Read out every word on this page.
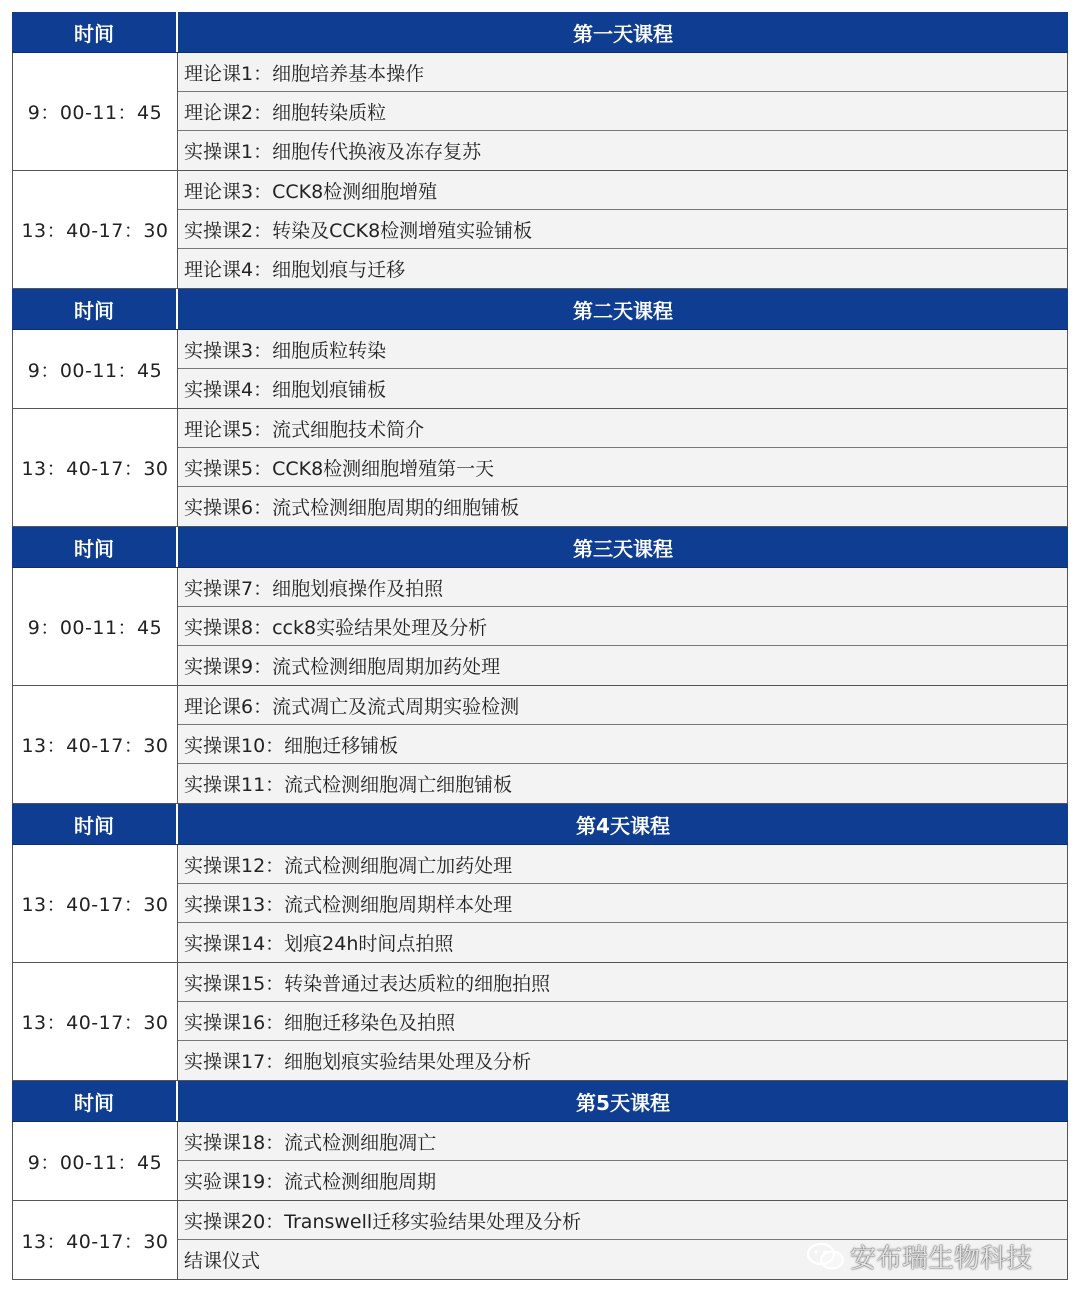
时间	第一天课程
9：00-11：45
理论课1：细胞培养基本操作
理论课2：细胞转染质粒
实操课1：细胞传代换液及冻存复苏
13：40-17：30
理论课3：CCK8检测细胞增殖
实操课2：转染及CCK8检测增殖实验铺板
理论课4：细胞划痕与迁移
时间	第二天课程
9：00-11：45
实操课3：细胞质粒转染
实操课4：细胞划痕铺板
13：40-17：30
理论课5：流式细胞技术简介
实操课5：CCK8检测细胞增殖第一天
实操课6：流式检测细胞周期的细胞铺板
时间	第三天课程
9：00-11：45
实操课7：细胞划痕操作及拍照
实操课8：cck8实验结果处理及分析
实操课9：流式检测细胞周期加药处理
13：40-17：30
理论课6：流式凋亡及流式周期实验检测
实操课10：细胞迁移铺板
实操课11：流式检测细胞凋亡细胞铺板
时间	第4天课程
13：40-17：30
实操课12：流式检测细胞凋亡加药处理
实操课13：流式检测细胞周期样本处理
实操课14：划痕24h时间点拍照
13：40-17：30
实操课15：转染普通过表达质粒的细胞拍照
实操课16：细胞迁移染色及拍照
实操课17：细胞划痕实验结果处理及分析
时间	第5天课程
9：00-11：45
实操课18：流式检测细胞凋亡
实验课19：流式检测细胞周期
13：40-17：30
实操课20：Transwell迁移实验结果处理及分析
结课仪式	安布瑞生物科技
